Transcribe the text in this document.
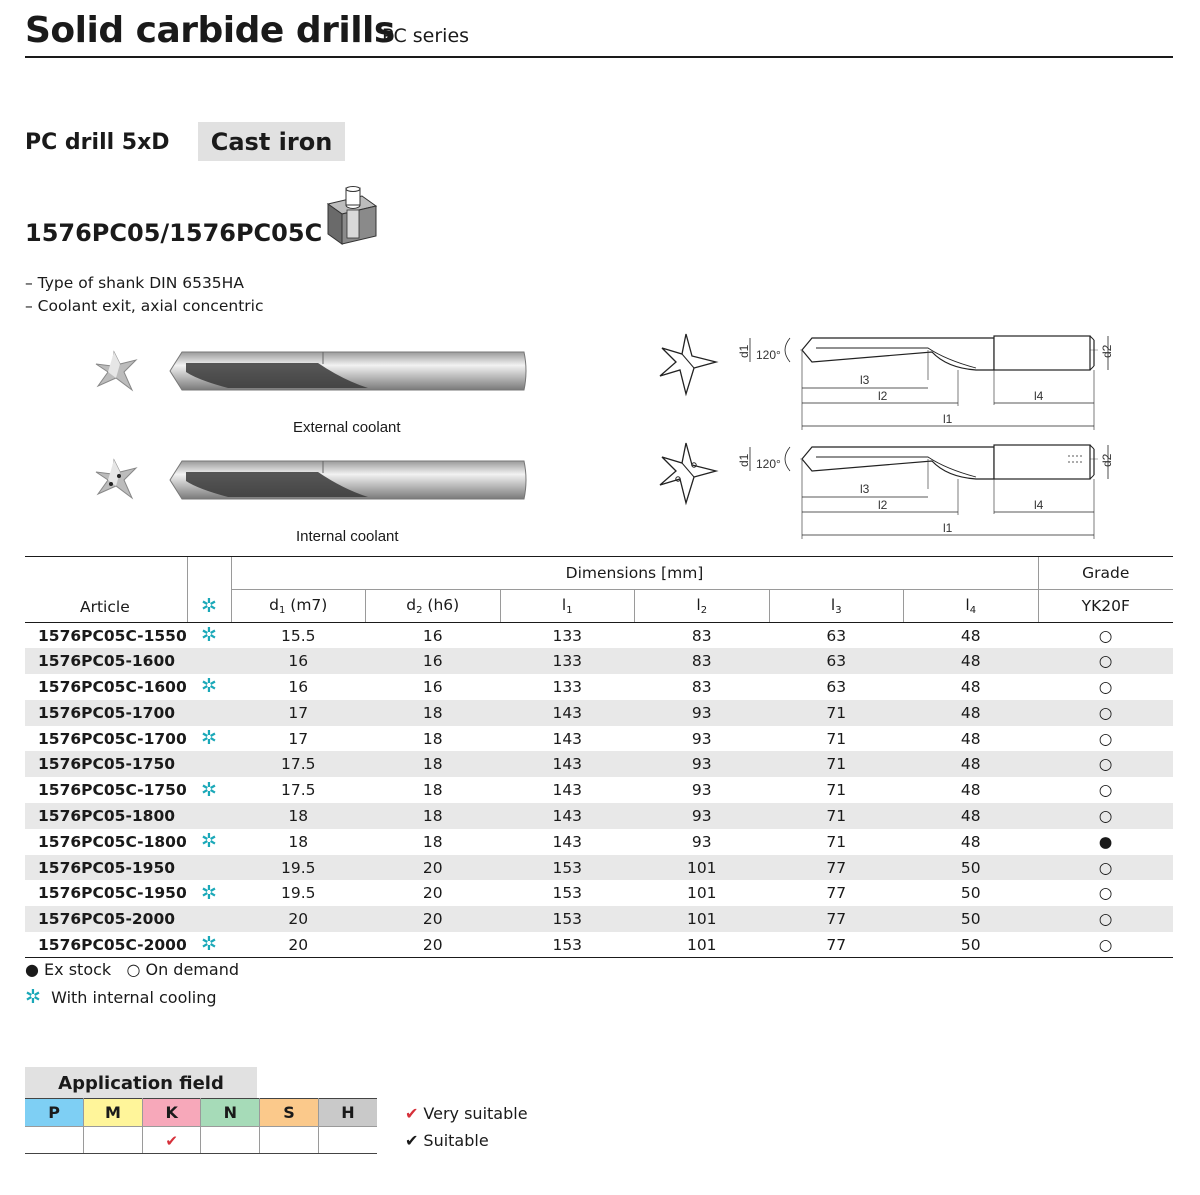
Solid carbide drills
PC series
PC drill 5xD	Cast iron
1576PC05/1576PC05C
– Type of shank DIN 6535HA
– Coolant exit, axial concentric
External coolant
Internal coolant
d1 120°	d2
l3
l2	l4
l1
d1 120°	d2
l3
l2	l4
l1
Article	✲	Dimensions [mm]						Grade
		$d_1$ (m7)	$d_2$ (h6)	$l_1$	$l_2$	$l_3$	$l_4$	YK20F
1576PC05C-1550	✲	15.5	16	133	83	63	48	○
1576PC05-1600		16	16	133	83	63	48	○
1576PC05C-1600	✲	16	16	133	83	63	48	○
1576PC05-1700		17	18	143	93	71	48	○
1576PC05C-1700	✲	17	18	143	93	71	48	○
1576PC05-1750		17.5	18	143	93	71	48	○
1576PC05C-1750	✲	17.5	18	143	93	71	48	○
1576PC05-1800		18	18	143	93	71	48	○
1576PC05C-1800	✲	18	18	143	93	71	48	●
1576PC05-1950		19.5	20	153	101	77	50	○
1576PC05C-1950	✲	19.5	20	153	101	77	50	○
1576PC05-2000		20	20	153	101	77	50	○
1576PC05C-2000	✲	20	20	153	101	77	50	○
● Ex stock ○ On demand
✲ With internal cooling
Application field
P	M	K	N	S	H
		✔			
✔ Very suitable
✔ Suitable
